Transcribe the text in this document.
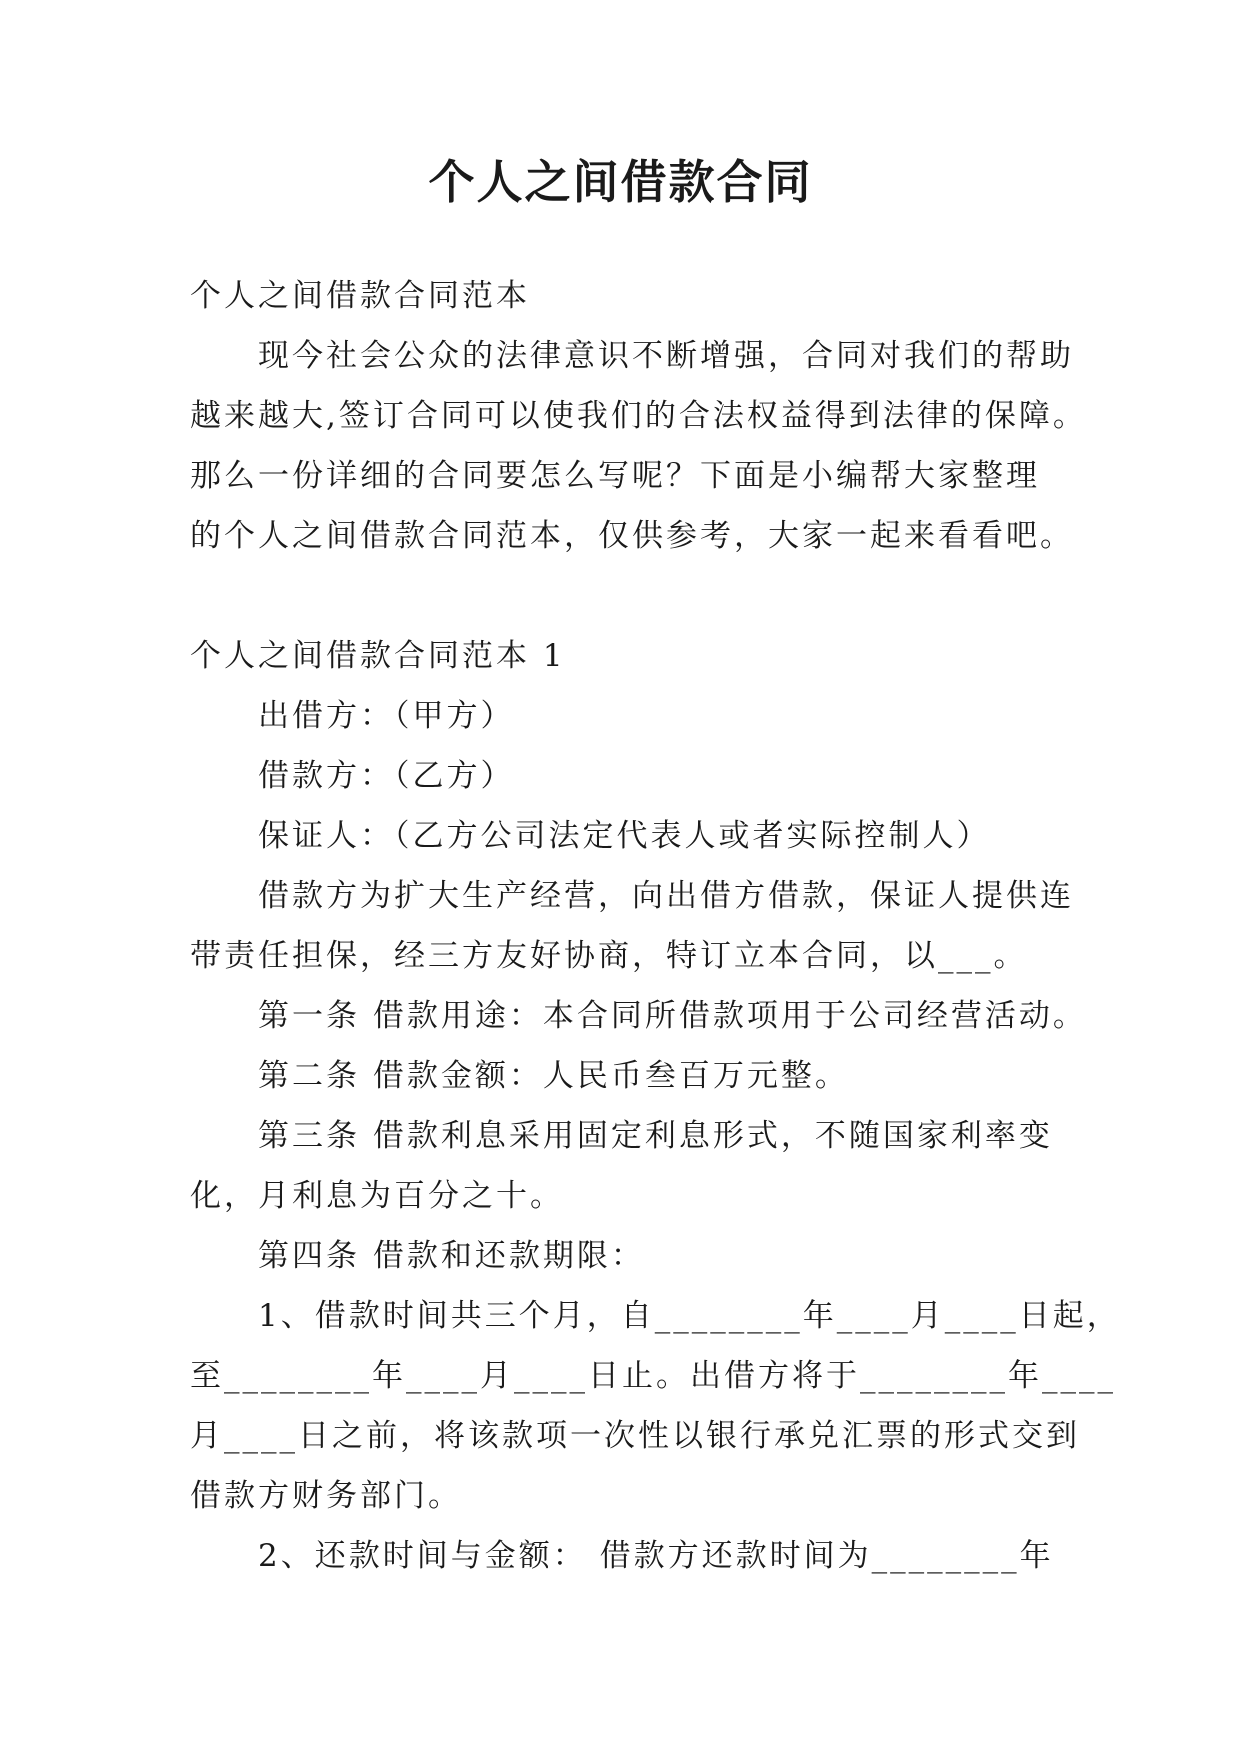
个人之间借款合同

个人之间借款合同范本

现今社会公众的法律意识不断增强，合同对我们的帮助

越来越大,签订合同可以使我们的合法权益得到法律的保障。

那么一份详细的合同要怎么写呢？下面是小编帮大家整理

的个人之间借款合同范本，仅供参考，大家一起来看看吧。

个人之间借款合同范本 1

出借方：（甲方）

借款方：（乙方）

保证人：（乙方公司法定代表人或者实际控制人）

借款方为扩大生产经营，向出借方借款，保证人提供连

带责任担保，经三方友好协商，特订立本合同，以___。

第一条 借款用途：本合同所借款项用于公司经营活动。

第二条 借款金额：人民币叁百万元整。

第三条 借款利息采用固定利息形式，不随国家利率变

化，月利息为百分之十。

第四条 借款和还款期限：

1、借款时间共三个月，自________年____月____日起，

至________年____月____日止。出借方将于________年____

月____日之前，将该款项一次性以银行承兑汇票的形式交到

借款方财务部门。

2、还款时间与金额： 借款方还款时间为________年
